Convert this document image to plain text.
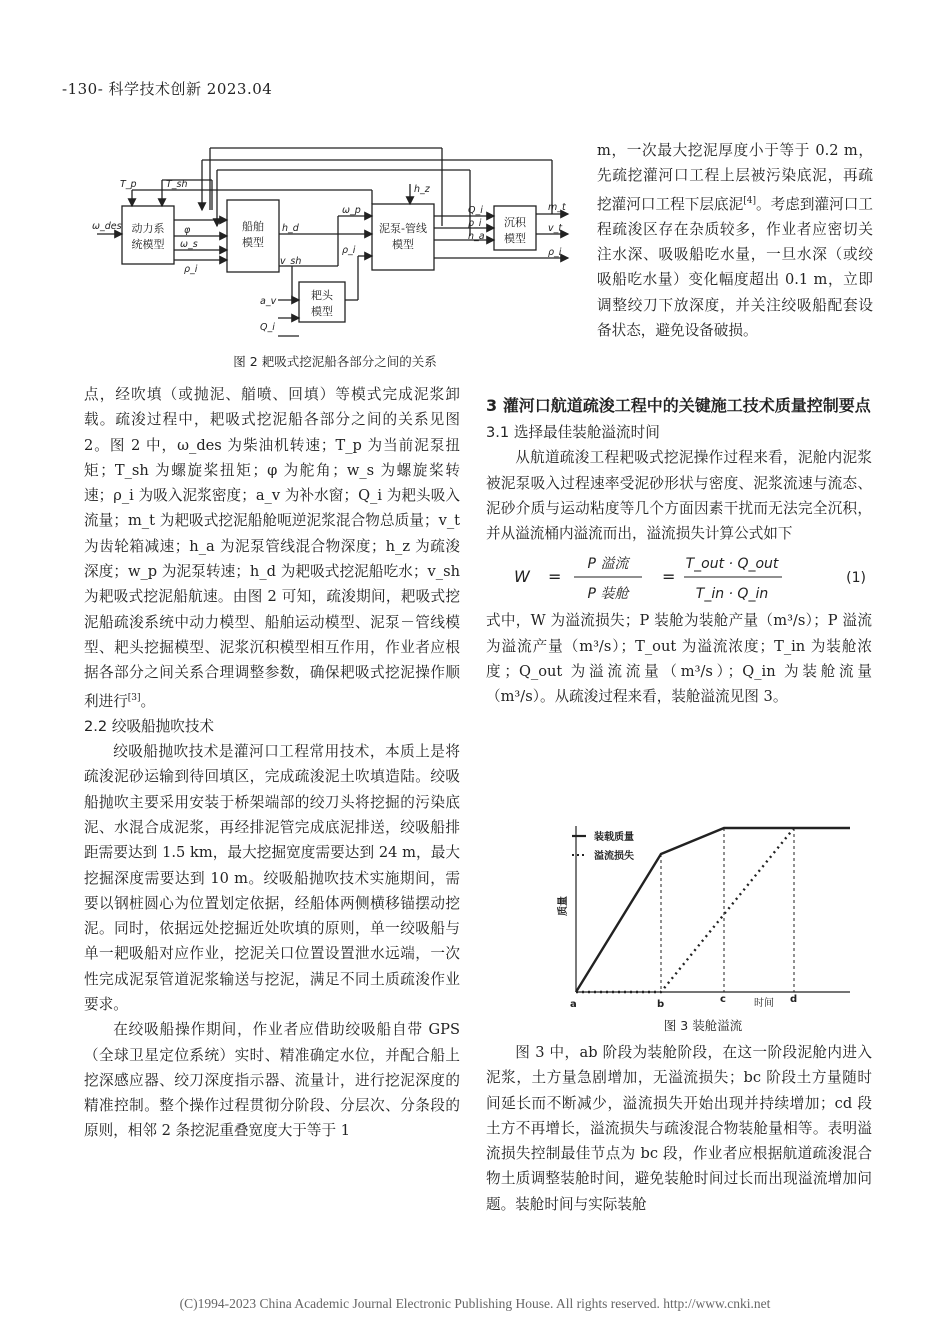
-130- 科学技术创新 2023.04
动力系
统模型
船舶
模型
泥泵-管线
模型
沉积
模型
耙头
模型
T_p	T_sh
ω_des	φ
ω_s
ρ_i
h_d
v_sh
ω_p
ρ_i
h_z
Q_i
ρ_i
h_a
m_t
v_t
ρ_i
a_v
Q_i
图 2 耙吸式挖泥船各部分之间的关系

点，经吹填（或抛泥、艏喷、回填）等模式完成泥浆卸载。疏浚过程中，耙吸式挖泥船各部分之间的关系见图 2。图 2 中，ω_des 为柴油机转速；T_p 为当前泥泵扭矩；T_sh 为螺旋桨扭矩；φ 为舵角；w_s 为螺旋桨转速；ρ_i 为吸入泥浆密度；a_v 为补水窗；Q_i 为耙头吸入流量；m_t 为耙吸式挖泥船舱呃逆泥浆混合物总质量；v_t 为齿轮箱减速；h_a 为泥泵管线混合物深度；h_z 为疏浚深度；w_p 为泥泵转速；h_d 为耙吸式挖泥船吃水；v_sh 为耙吸式挖泥船航速。由图 2 可知，疏浚期间，耙吸式挖泥船疏浚系统中动力模型、船舶运动模型、泥泵－管线模型、耙头挖掘模型、泥浆沉积模型相互作用，作业者应根据各部分之间关系合理调整参数，确保耙吸式挖泥操作顺利进行[3]。

2.2 绞吸船抛吹技术

绞吸船抛吹技术是灌河口工程常用技术，本质上是将疏浚泥砂运输到待回填区，完成疏浚泥土吹填造陆。绞吸船抛吹主要采用安装于桥架端部的绞刀头将挖掘的污染底泥、水混合成泥浆，再经排泥管完成底泥排送，绞吸船排距需要达到 1.5 km，最大挖掘宽度需要达到 24 m，最大挖掘深度需要达到 10 m。绞吸船抛吹技术实施期间，需要以钢桩圆心为位置划定依据，经船体两侧横移锚摆动挖泥。同时，依据远处挖掘近处吹填的原则，单一绞吸船与单一耙吸船对应作业，挖泥关口位置设置泄水远端，一次性完成泥泵管道泥浆输送与挖泥，满足不同土质疏浚作业要求。

在绞吸船操作期间，作业者应借助绞吸船自带 GPS（全球卫星定位系统）实时、精准确定水位，并配合船上挖深感应器、绞刀深度指示器、流量计，进行挖泥深度的精准控制。整个操作过程贯彻分阶段、分层次、分条段的原则，相邻 2 条挖泥重叠宽度大于等于 1

m，一次最大挖泥厚度小于等于 0.2 m，先疏挖灌河口工程上层被污染底泥，再疏挖灌河口工程下层底泥[4]。考虑到灌河口工程疏浚区存在杂质较多，作业者应密切关注水深、吸吸船吃水量，一旦水深（或绞吸船吃水量）变化幅度超出 0.1 m，立即调整绞刀下放深度，并关注绞吸船配套设备状态，避免设备破损。

3 灌河口航道疏浚工程中的关键施工技术质量控制要点

3.1 选择最佳装舱溢流时间

从航道疏浚工程耙吸式挖泥操作过程来看，泥舱内泥浆被泥泵吸入过程速率受泥砂形状与密度、泥浆流速与流态、泥砂介质与运动粘度等几个方面因素干扰而无法完全沉积，并从溢流桶内溢流而出，溢流损失计算公式如下

W =
P 溢流
P 装舱
=
T_out · Q_out
T_in · Q_in
(1)

式中，W 为溢流损失；P 装舱为装舱产量（m³/s）；P 溢流为溢流产量（m³/s）；T_out 为溢流浓度；T_in 为装舱浓度；Q_out 为溢流流量（m³/s）；Q_in 为装舱流量（m³/s）。从疏浚过程来看，装舱溢流见图 3。

装载质量
溢流损失
质量
时间
a	b	c	d
图 3 装舱溢流

图 3 中，ab 阶段为装舱阶段，在这一阶段泥舱内进入泥浆，土方量急剧增加，无溢流损失；bc 阶段土方量随时间延长而不断减少，溢流损失开始出现并持续增加；cd 段土方不再增长，溢流损失与疏浚混合物装舱量相等。表明溢流损失控制最佳节点为 bc 段，作业者应根据航道疏浚混合物土质调整装舱时间，避免装舱时间过长而出现溢流增加问题。装舱时间与实际装舱

(C)1994-2023 China Academic Journal Electronic Publishing House. All rights reserved. http://www.cnki.net
